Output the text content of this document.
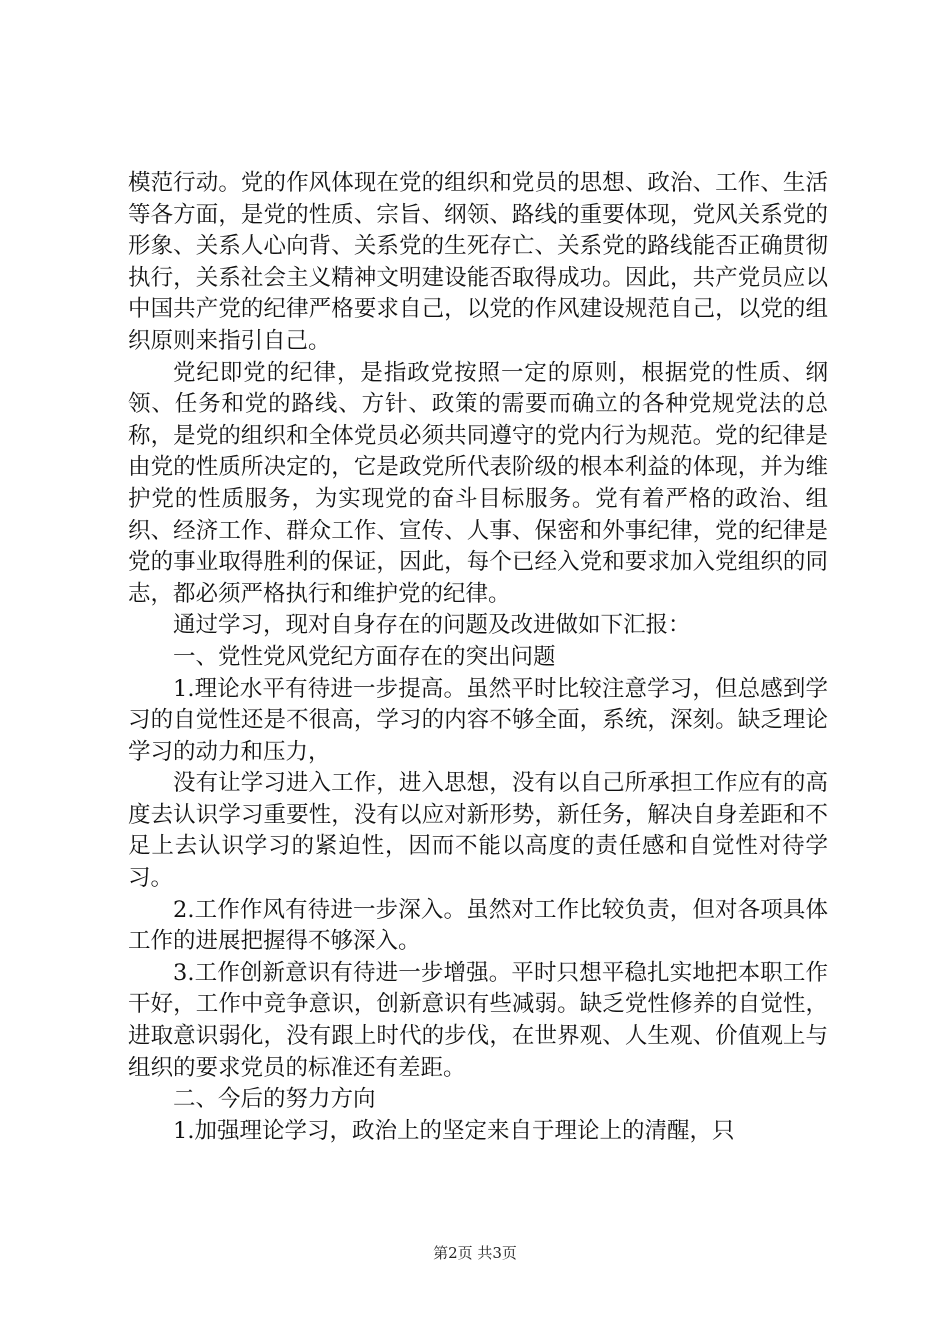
模范行动。党的作风体现在党的组织和党员的思想、政治、工作、生活等各方面，是党的性质、宗旨、纲领、路线的重要体现，党风关系党的形象、关系人心向背、关系党的生死存亡、关系党的路线能否正确贯彻执行，关系社会主义精神文明建设能否取得成功。因此，共产党员应以中国共产党的纪律严格要求自己，以党的作风建设规范自己，以党的组织原则来指引自己。

党纪即党的纪律，是指政党按照一定的原则，根据党的性质、纲领、任务和党的路线、方针、政策的需要而确立的各种党规党法的总称，是党的组织和全体党员必须共同遵守的党内行为规范。党的纪律是由党的性质所决定的，它是政党所代表阶级的根本利益的体现，并为维护党的性质服务，为实现党的奋斗目标服务。党有着严格的政治、组织、经济工作、群众工作、宣传、人事、保密和外事纪律，党的纪律是党的事业取得胜利的保证，因此，每个已经入党和要求加入党组织的同志，都必须严格执行和维护党的纪律。

通过学习，现对自身存在的问题及改进做如下汇报：

一、党性党风党纪方面存在的突出问题

1.理论水平有待进一步提高。虽然平时比较注意学习，但总感到学习的自觉性还是不很高，学习的内容不够全面，系统，深刻。缺乏理论学习的动力和压力，

没有让学习进入工作，进入思想，没有以自己所承担工作应有的高度去认识学习重要性，没有以应对新形势，新任务，解决自身差距和不足上去认识学习的紧迫性，因而不能以高度的责任感和自觉性对待学习。

2.工作作风有待进一步深入。虽然对工作比较负责，但对各项具体工作的进展把握得不够深入。

3.工作创新意识有待进一步增强。平时只想平稳扎实地把本职工作干好，工作中竞争意识，创新意识有些减弱。缺乏党性修养的自觉性，进取意识弱化，没有跟上时代的步伐，在世界观、人生观、价值观上与组织的要求党员的标准还有差距。

二、今后的努力方向

1.加强理论学习，政治上的坚定来自于理论上的清醒，只

第2页 共3页
